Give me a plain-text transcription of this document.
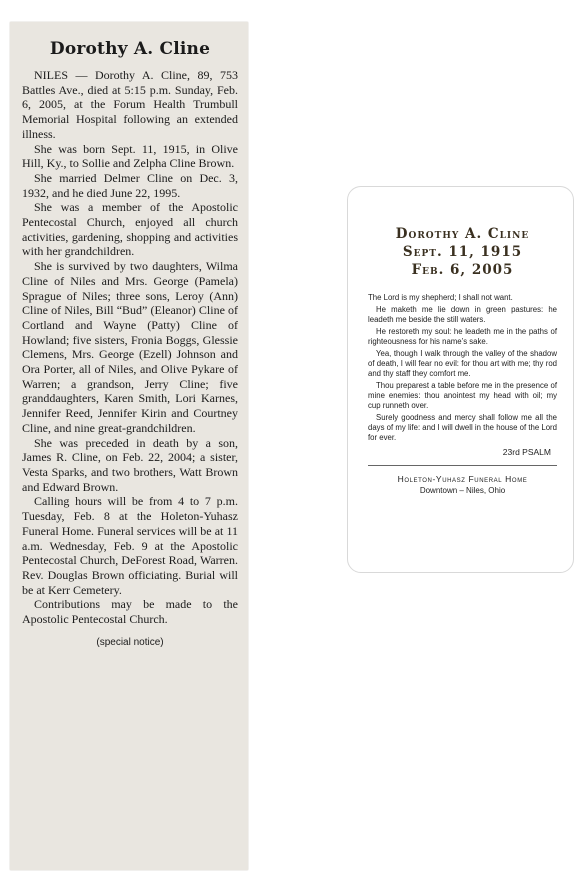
Dorothy A. Cline

NILES — Dorothy A. Cline, 89, 753 Battles Ave., died at 5:15 p.m. Sunday, Feb. 6, 2005, at the Forum Health Trumbull Memorial Hospital following an extended illness.

She was born Sept. 11, 1915, in Olive Hill, Ky., to Sollie and Zelpha Cline Brown.

She married Delmer Cline on Dec. 3, 1932, and he died June 22, 1995.

She was a member of the Apostolic Pentecostal Church, enjoyed all church activities, gardening, shopping and activities with her grandchildren.

She is survived by two daughters, Wilma Cline of Niles and Mrs. George (Pamela) Sprague of Niles; three sons, Leroy (Ann) Cline of Niles, Bill “Bud” (Eleanor) Cline of Cortland and Wayne (Patty) Cline of Howland; five sisters, Fronia Boggs, Glessie Clemens, Mrs. George (Ezell) Johnson and Ora Porter, all of Niles, and Olive Pykare of Warren; a grandson, Jerry Cline; five granddaughters, Karen Smith, Lori Karnes, Jennifer Reed, Jennifer Kirin and Courtney Cline, and nine great-grandchildren.

She was preceded in death by a son, James R. Cline, on Feb. 22, 2004; a sister, Vesta Sparks, and two brothers, Watt Brown and Edward Brown.

Calling hours will be from 4 to 7 p.m. Tuesday, Feb. 8 at the Holeton-Yuhasz Funeral Home. Funeral services will be at 11 a.m. Wednesday, Feb. 9 at the Apostolic Pentecostal Church, DeForest Road, Warren. Rev. Douglas Brown officiating. Burial will be at Kerr Cemetery.

Contributions may be made to the Apostolic Pentecostal Church.

(special notice)
Dorothy A. Cline
Sept. 11, 1915
Feb. 6, 2005

The Lord is my shepherd; I shall not want.

He maketh me lie down in green pastures: he leadeth me beside the still waters.

He restoreth my soul: he leadeth me in the paths of righteousness for his name’s sake.

Yea, though I walk through the valley of the shadow of death, I will fear no evil: for thou art with me; thy rod and thy staff they comfort me.

Thou preparest a table before me in the presence of mine enemies: thou anointest my head with oil; my cup runneth over.

Surely goodness and mercy shall follow me all the days of my life: and I will dwell in the house of the Lord for ever.

23rd PSALM
Holeton-Yuhasz Funeral Home
Downtown – Niles, Ohio
